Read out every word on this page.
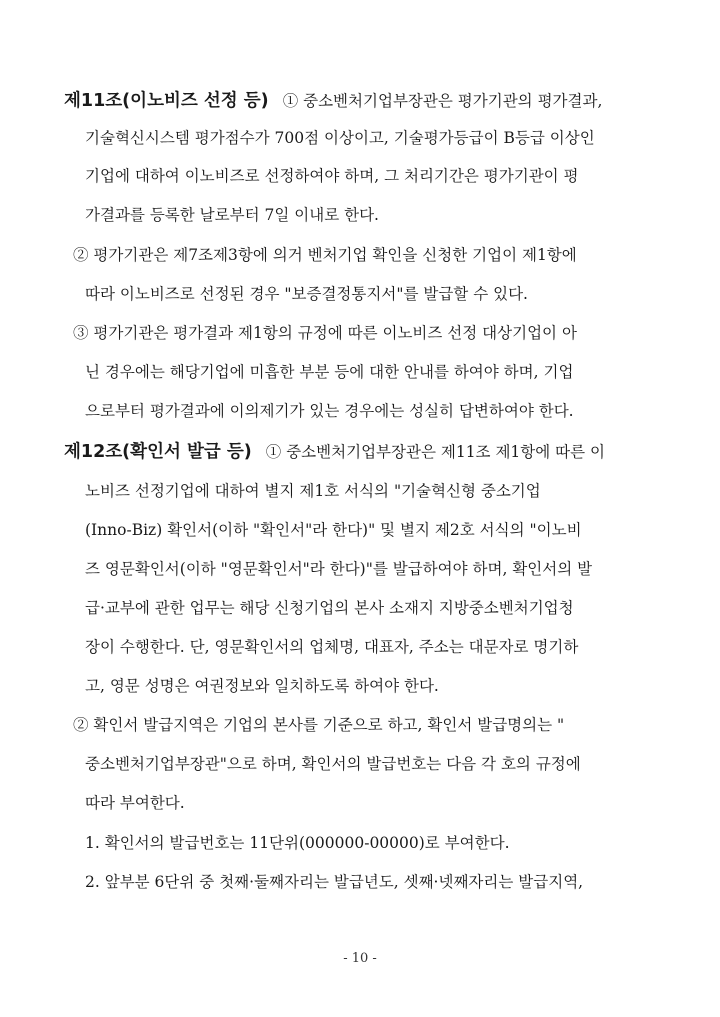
제11조(이노비즈 선정 등) ① 중소벤처기업부장관은 평가기관의 평가결과,
기술혁신시스템 평가점수가 700점 이상이고, 기술평가등급이 B등급 이상인
기업에 대하여 이노비즈로 선정하여야 하며, 그 처리기간은 평가기관이 평
가결과를 등록한 날로부터 7일 이내로 한다.
② 평가기관은 제7조제3항에 의거 벤처기업 확인을 신청한 기업이 제1항에
따라 이노비즈로 선정된 경우 "보증결정통지서"를 발급할 수 있다.
③ 평가기관은 평가결과 제1항의 규정에 따른 이노비즈 선정 대상기업이 아
닌 경우에는 해당기업에 미흡한 부분 등에 대한 안내를 하여야 하며, 기업
으로부터 평가결과에 이의제기가 있는 경우에는 성실히 답변하여야 한다.
제12조(확인서 발급 등) ① 중소벤처기업부장관은 제11조 제1항에 따른 이
노비즈 선정기업에 대하여 별지 제1호 서식의 "기술혁신형 중소기업
(Inno-Biz) 확인서(이하 "확인서"라 한다)" 및 별지 제2호 서식의 "이노비
즈 영문확인서(이하 "영문확인서"라 한다)"를 발급하여야 하며, 확인서의 발
급·교부에 관한 업무는 해당 신청기업의 본사 소재지 지방중소벤처기업청
장이 수행한다. 단, 영문확인서의 업체명, 대표자, 주소는 대문자로 명기하
고, 영문 성명은 여권정보와 일치하도록 하여야 한다.
② 확인서 발급지역은 기업의 본사를 기준으로 하고, 확인서 발급명의는 "
중소벤처기업부장관"으로 하며, 확인서의 발급번호는 다음 각 호의 규정에
따라 부여한다.
1. 확인서의 발급번호는 11단위(000000-00000)로 부여한다.
2. 앞부분 6단위 중 첫째·둘째자리는 발급년도, 셋째·넷째자리는 발급지역,
- 10 -
